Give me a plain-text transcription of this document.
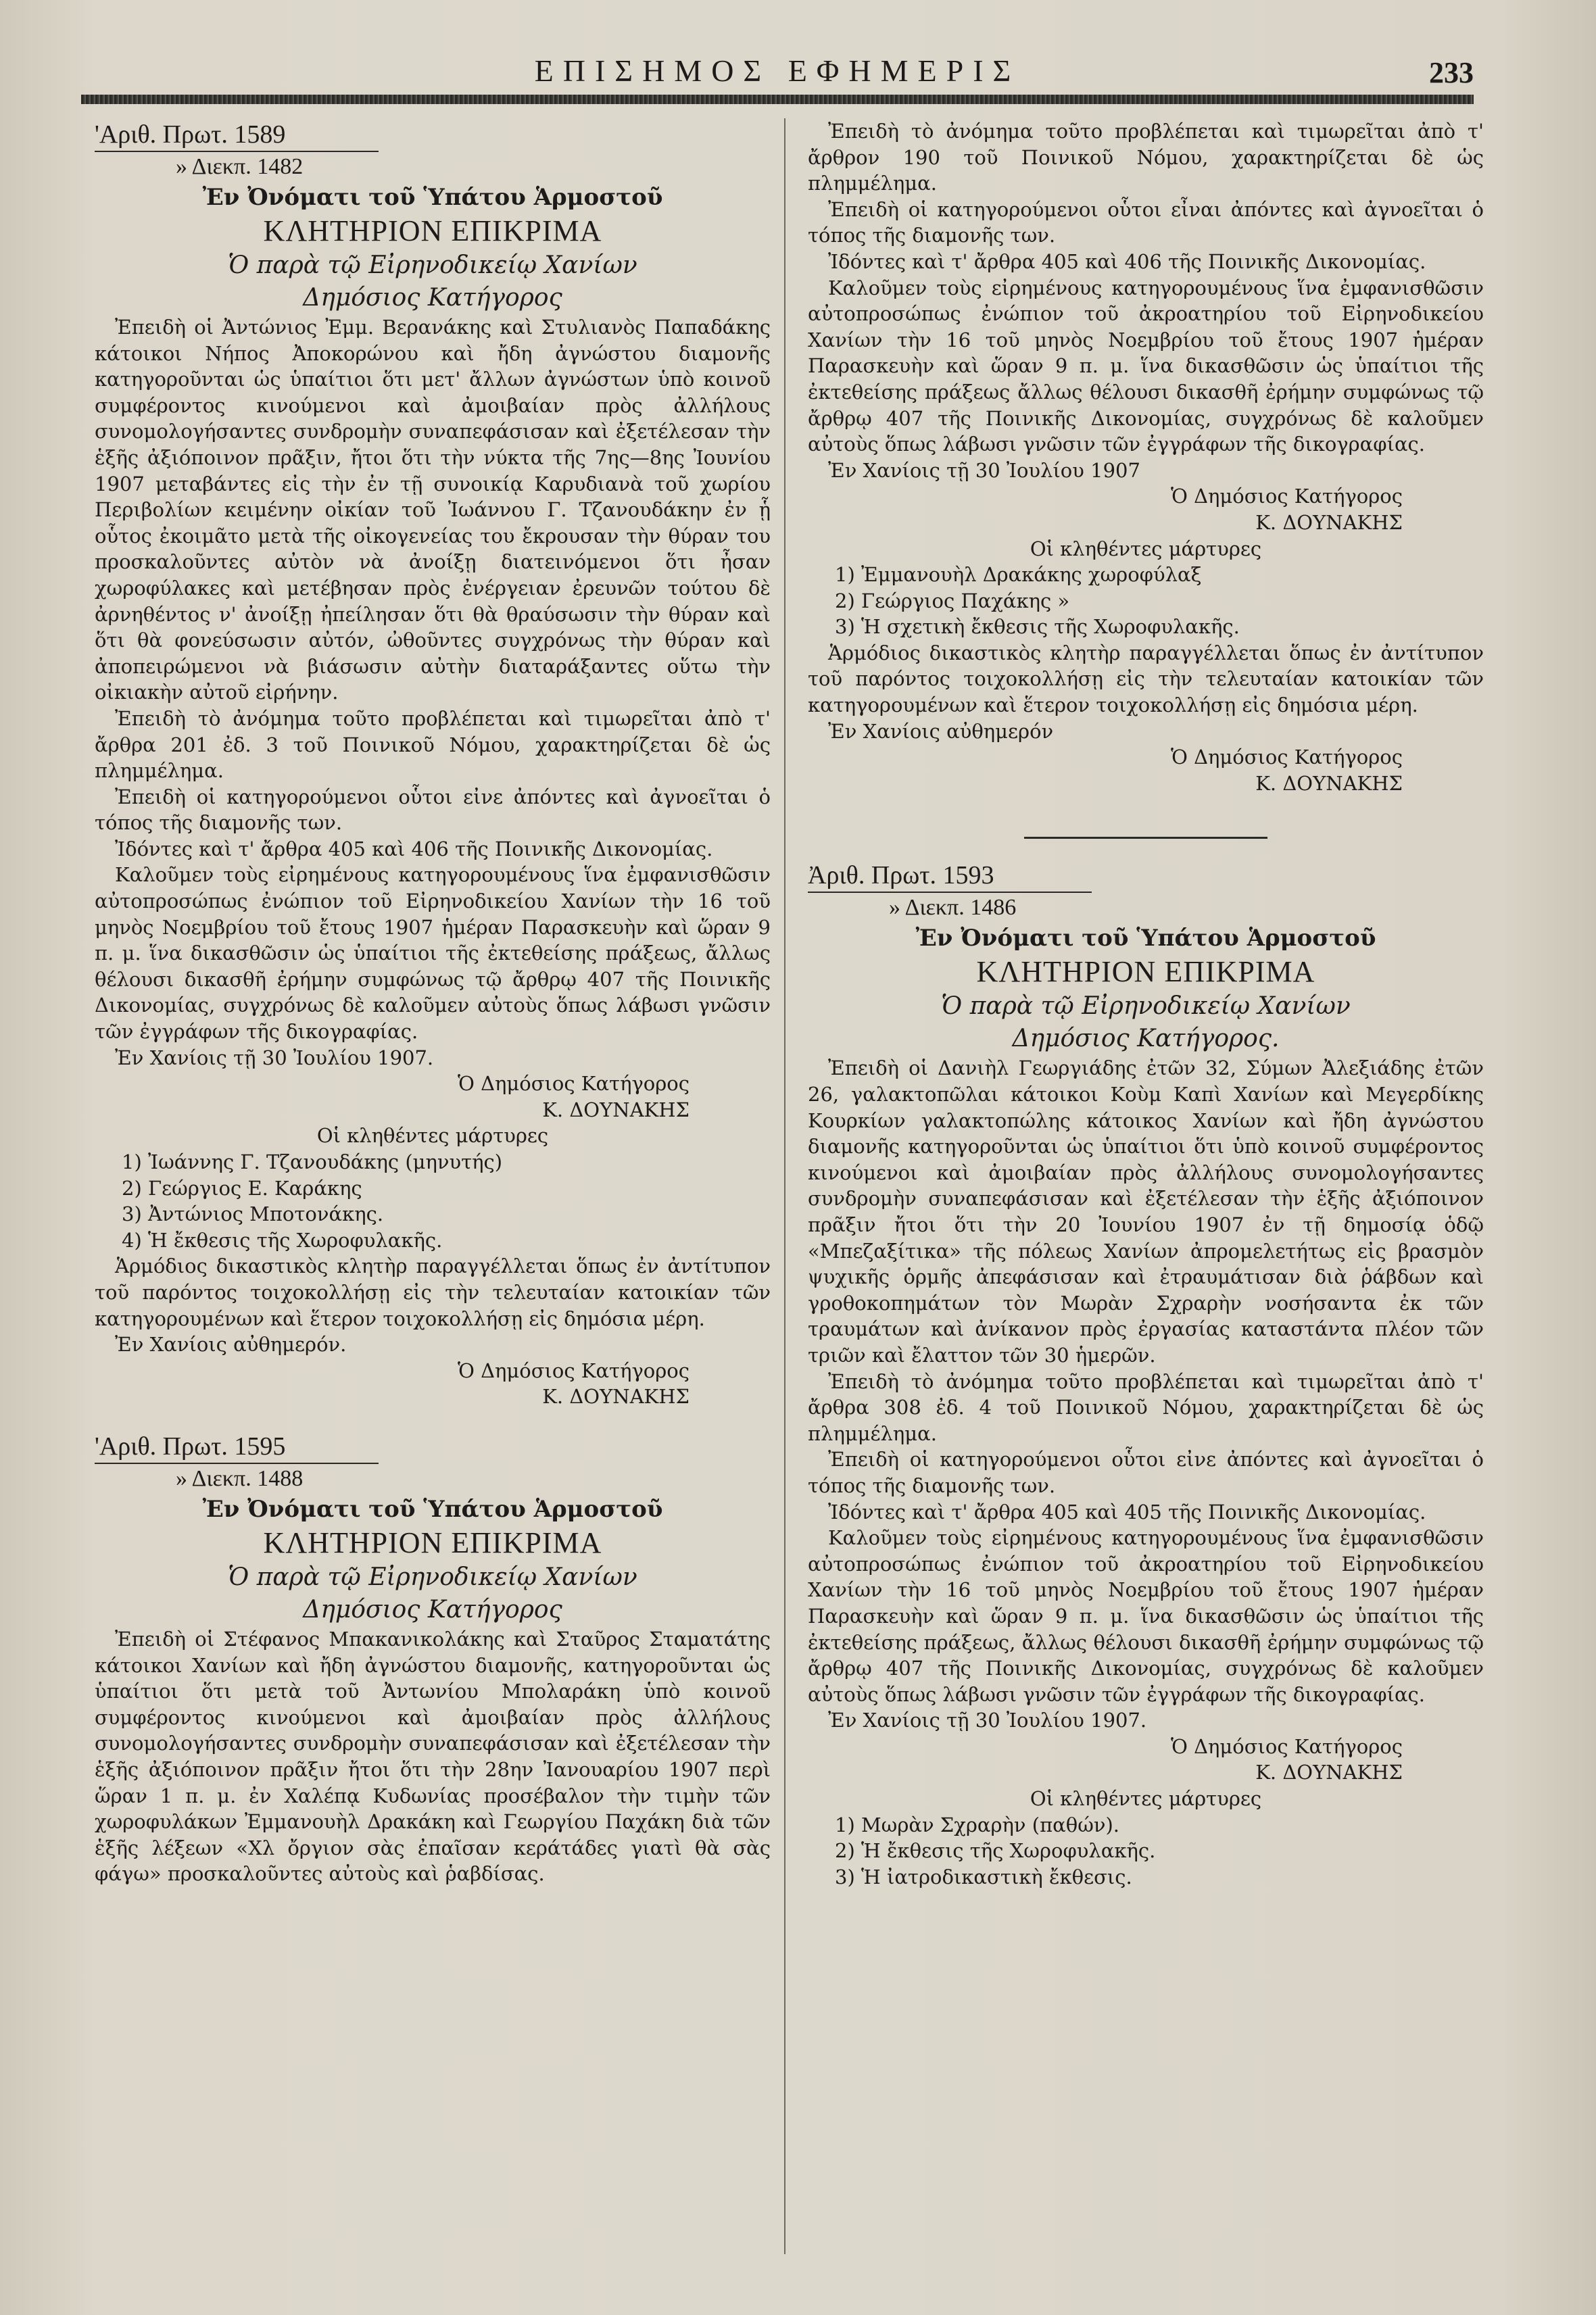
ΕΠΙΣΗΜΟΣ ΕΦΗΜΕΡΙΣ	233

'Αριθ. Πρωτ. 1589

» Διεκπ. 1482

Ἐν Ὀνόματι τοῦ Ὑπάτου Ἁρμοστοῦ

ΚΛΗΤΗΡΙΟΝ ΕΠΙΚΡΙΜΑ

Ὁ παρὰ τῷ Εἰρηνοδικείῳ Χανίων

Δημόσιος Κατήγορος

Ἐπειδὴ οἱ Ἀντώνιος Ἐμμ. Βερανάκης καὶ Στυλιανὸς Παπαδάκης κάτοικοι Νήπος Ἀποκορώνου καὶ ἤδη ἀγνώστου διαμονῆς κατηγοροῦνται ὡς ὑπαίτιοι ὅτι μετ' ἄλλων ἀγνώστων ὑπὸ κοινοῦ συμφέροντος κινούμενοι καὶ ἀμοιβαίαν πρὸς ἀλλήλους συνομολογήσαντες συνδρομὴν συναπεφάσισαν καὶ ἐξετέλεσαν τὴν ἑξῆς ἀξιόποινον πρᾶξιν, ἤτοι ὅτι τὴν νύκτα τῆς 7ης—8ης Ἰουνίου 1907 μεταβάντες εἰς τὴν ἐν τῇ συνοικίᾳ Καρυδιανὰ τοῦ χωρίου Περιβολίων κειμένην οἰκίαν τοῦ Ἰωάννου Γ. Τζανουδάκην ἐν ᾗ οὗτος ἐκοιμᾶτο μετὰ τῆς οἰκογενείας του ἔκρουσαν τὴν θύραν του προσκαλοῦντες αὐτὸν νὰ ἀνοίξῃ διατεινόμενοι ὅτι ἦσαν χωροφύλακες καὶ μετέβησαν πρὸς ἐνέργειαν ἐρευνῶν τούτου δὲ ἀρνηθέντος ν' ἀνοίξῃ ἠπείλησαν ὅτι θὰ θραύσωσιν τὴν θύραν καὶ ὅτι θὰ φονεύσωσιν αὐτόν, ὠθοῦντες συγχρόνως τὴν θύραν καὶ ἀποπειρώμενοι νὰ βιάσωσιν αὐτὴν διαταράξαντες οὕτω τὴν οἰκιακὴν αὐτοῦ εἰρήνην.

Ἐπειδὴ τὸ ἀνόμημα τοῦτο προβλέπεται καὶ τιμωρεῖται ἀπὸ τ' ἄρθρα 201 ἐδ. 3 τοῦ Ποινικοῦ Νόμου, χαρακτηρίζεται δὲ ὡς πλημμέλημα.

Ἐπειδὴ οἱ κατηγορούμενοι οὗτοι εἰνε ἀπόντες καὶ ἀγνοεῖται ὁ τόπος τῆς διαμονῆς των.

Ἰδόντες καὶ τ' ἄρθρα 405 καὶ 406 τῆς Ποινικῆς Δικονομίας.

Καλοῦμεν τοὺς εἰρημένους κατηγορουμένους ἵνα ἐμφανισθῶσιν αὐτοπροσώπως ἐνώπιον τοῦ Εἰρηνοδικείου Χανίων τὴν 16 τοῦ μηνὸς Νοεμβρίου τοῦ ἔτους 1907 ἡμέραν Παρασκευὴν καὶ ὥραν 9 π. μ. ἵνα δικασθῶσιν ὡς ὑπαίτιοι τῆς ἐκτεθείσης πράξεως, ἄλλως θέλουσι δικασθῆ ἐρήμην συμφώνως τῷ ἄρθρῳ 407 τῆς Ποινικῆς Δικονομίας, συγχρόνως δὲ καλοῦμεν αὐτοὺς ὅπως λάβωσι γνῶσιν τῶν ἐγγράφων τῆς δικογραφίας.

Ἐν Χανίοις τῇ 30 Ἰουλίου 1907.

Ὁ Δημόσιος Κατήγορος

Κ. ΔΟΥΝΑΚΗΣ

Οἱ κληθέντες μάρτυρες

1) Ἰωάννης Γ. Τζανουδάκης (μηνυτής)

2) Γεώργιος Ε. Καράκης

3) Ἀντώνιος Μποτονάκης.

4) Ἡ ἔκθεσις τῆς Χωροφυλακῆς.

Ἁρμόδιος δικαστικὸς κλητὴρ παραγγέλλεται ὅπως ἐν ἀντίτυπον τοῦ παρόντος τοιχοκολλήσῃ εἰς τὴν τελευταίαν κατοικίαν τῶν κατηγορουμένων καὶ ἕτερον τοιχοκολλήσῃ εἰς δημόσια μέρη.

Ἐν Χανίοις αὐθημερόν.

Ὁ Δημόσιος Κατήγορος

Κ. ΔΟΥΝΑΚΗΣ

'Αριθ. Πρωτ. 1595

» Διεκπ. 1488

Ἐν Ὀνόματι τοῦ Ὑπάτου Ἁρμοστοῦ

ΚΛΗΤΗΡΙΟΝ ΕΠΙΚΡΙΜΑ

Ὁ παρὰ τῷ Εἰρηνοδικείῳ Χανίων

Δημόσιος Κατήγορος

Ἐπειδὴ οἱ Στέφανος Μπακανικολάκης καὶ Σταῦρος Σταματάτης κάτοικοι Χανίων καὶ ἤδη ἀγνώστου διαμονῆς, κατηγοροῦνται ὡς ὑπαίτιοι ὅτι μετὰ τοῦ Ἀντωνίου Μπολαράκη ὑπὸ κοινοῦ συμφέροντος κινούμενοι καὶ ἀμοιβαίαν πρὸς ἀλλήλους συνομολογήσαντες συνδρομὴν συναπεφάσισαν καὶ ἐξετέλεσαν τὴν ἑξῆς ἀξιόποινον πρᾶξιν ἤτοι ὅτι τὴν 28ην Ἰανουαρίου 1907 περὶ ὥραν 1 π. μ. ἐν Χαλέπᾳ Κυδωνίας προσέβαλον τὴν τιμὴν τῶν χωροφυλάκων Ἐμμανουὴλ Δρακάκη καὶ Γεωργίου Παχάκη διὰ τῶν ἑξῆς λέξεων «Χλ ὄργιον σὰς ἐπαῖσαν κεράτάδες γιατὶ θὰ σὰς φάγω» προσκαλοῦντες αὐτοὺς καὶ ῥαβδίσας.

Ἐπειδὴ τὸ ἀνόμημα τοῦτο προβλέπεται καὶ τιμωρεῖται ἀπὸ τ' ἄρθρον 190 τοῦ Ποινικοῦ Νόμου, χαρακτηρίζεται δὲ ὡς πλημμέλημα.

Ἐπειδὴ οἱ κατηγορούμενοι οὗτοι εἶναι ἀπόντες καὶ ἀγνοεῖται ὁ τόπος τῆς διαμονῆς των.

Ἰδόντες καὶ τ' ἄρθρα 405 καὶ 406 τῆς Ποινικῆς Δικονομίας.

Καλοῦμεν τοὺς εἰρημένους κατηγορουμένους ἵνα ἐμφανισθῶσιν αὐτοπροσώπως ἐνώπιον τοῦ ἀκροατηρίου τοῦ Εἰρηνοδικείου Χανίων τὴν 16 τοῦ μηνὸς Νοεμβρίου τοῦ ἔτους 1907 ἡμέραν Παρασκευὴν καὶ ὥραν 9 π. μ. ἵνα δικασθῶσιν ὡς ὑπαίτιοι τῆς ἐκτεθείσης πράξεως ἄλλως θέλουσι δικασθῆ ἐρήμην συμφώνως τῷ ἄρθρῳ 407 τῆς Ποινικῆς Δικονομίας, συγχρόνως δὲ καλοῦμεν αὐτοὺς ὅπως λάβωσι γνῶσιν τῶν ἐγγράφων τῆς δικογραφίας.

Ἐν Χανίοις τῇ 30 Ἰουλίου 1907

Ὁ Δημόσιος Κατήγορος

Κ. ΔΟΥΝΑΚΗΣ

Οἱ κληθέντες μάρτυρες

1) Ἐμμανουὴλ Δρακάκης χωροφύλαξ

2) Γεώργιος Παχάκης »

3) Ἡ σχετικὴ ἔκθεσις τῆς Χωροφυλακῆς.

Ἁρμόδιος δικαστικὸς κλητὴρ παραγγέλλεται ὅπως ἐν ἀντίτυπον τοῦ παρόντος τοιχοκολλήσῃ εἰς τὴν τελευταίαν κατοικίαν τῶν κατηγορουμένων καὶ ἕτερον τοιχοκολλήσῃ εἰς δημόσια μέρη.

Ἐν Χανίοις αὐθημερόν

Ὁ Δημόσιος Κατήγορος

Κ. ΔΟΥΝΑΚΗΣ

Ἀριθ. Πρωτ. 1593

» Διεκπ. 1486

Ἐν Ὀνόματι τοῦ Ὑπάτου Ἁρμοστοῦ

ΚΛΗΤΗΡΙΟΝ ΕΠΙΚΡΙΜΑ

Ὁ παρὰ τῷ Εἰρηνοδικείῳ Χανίων

Δημόσιος Κατήγορος.

Ἐπειδὴ οἱ Δανιὴλ Γεωργιάδης ἐτῶν 32, Σύμων Ἀλεξιάδης ἐτῶν 26, γαλακτοπῶλαι κάτοικοι Κοὺμ Καπὶ Χανίων καὶ Μεγερδίκης Κουρκίων γαλακτοπώλης κάτοικος Χανίων καὶ ἤδη ἀγνώστου διαμονῆς κατηγοροῦνται ὡς ὑπαίτιοι ὅτι ὑπὸ κοινοῦ συμφέροντος κινούμενοι καὶ ἀμοιβαίαν πρὸς ἀλλήλους συνομολογήσαντες συνδρομὴν συναπεφάσισαν καὶ ἐξετέλεσαν τὴν ἑξῆς ἀξιόποινον πρᾶξιν ἤτοι ὅτι τὴν 20 Ἰουνίου 1907 ἐν τῇ δημοσίᾳ ὁδῷ «Μπεζαξίτικα» τῆς πόλεως Χανίων ἀπρομελετήτως εἰς βρασμὸν ψυχικῆς ὁρμῆς ἀπεφάσισαν καὶ ἐτραυμάτισαν διὰ ῥάβδων καὶ γροθοκοπημάτων τὸν Μωρὰν Σχραρὴν νοσήσαντα ἐκ τῶν τραυμάτων καὶ ἀνίκανον πρὸς ἐργασίας καταστάντα πλέον τῶν τριῶν καὶ ἔλαττον τῶν 30 ἡμερῶν.

Ἐπειδὴ τὸ ἀνόμημα τοῦτο προβλέπεται καὶ τιμωρεῖται ἀπὸ τ' ἄρθρα 308 ἐδ. 4 τοῦ Ποινικοῦ Νόμου, χαρακτηρίζεται δὲ ὡς πλημμέλημα.

Ἐπειδὴ οἱ κατηγορούμενοι οὗτοι εἰνε ἀπόντες καὶ ἀγνοεῖται ὁ τόπος τῆς διαμονῆς των.

Ἰδόντες καὶ τ' ἄρθρα 405 καὶ 405 τῆς Ποινικῆς Δικονομίας.

Καλοῦμεν τοὺς εἰρημένους κατηγορουμένους ἵνα ἐμφανισθῶσιν αὐτοπροσώπως ἐνώπιον τοῦ ἀκροατηρίου τοῦ Εἰρηνοδικείου Χανίων τὴν 16 τοῦ μηνὸς Νοεμβρίου τοῦ ἔτους 1907 ἡμέραν Παρασκευὴν καὶ ὥραν 9 π. μ. ἵνα δικασθῶσιν ὡς ὑπαίτιοι τῆς ἐκτεθείσης πράξεως, ἄλλως θέλουσι δικασθῆ ἐρήμην συμφώνως τῷ ἄρθρῳ 407 τῆς Ποινικῆς Δικονομίας, συγχρόνως δὲ καλοῦμεν αὐτοὺς ὅπως λάβωσι γνῶσιν τῶν ἐγγράφων τῆς δικογραφίας.

Ἐν Χανίοις τῇ 30 Ἰουλίου 1907.

Ὁ Δημόσιος Κατήγορος

Κ. ΔΟΥΝΑΚΗΣ

Οἱ κληθέντες μάρτυρες

1) Μωρὰν Σχραρὴν (παθών).

2) Ἡ ἔκθεσις τῆς Χωροφυλακῆς.

3) Ἡ ἰατροδικαστικὴ ἔκθεσις.
